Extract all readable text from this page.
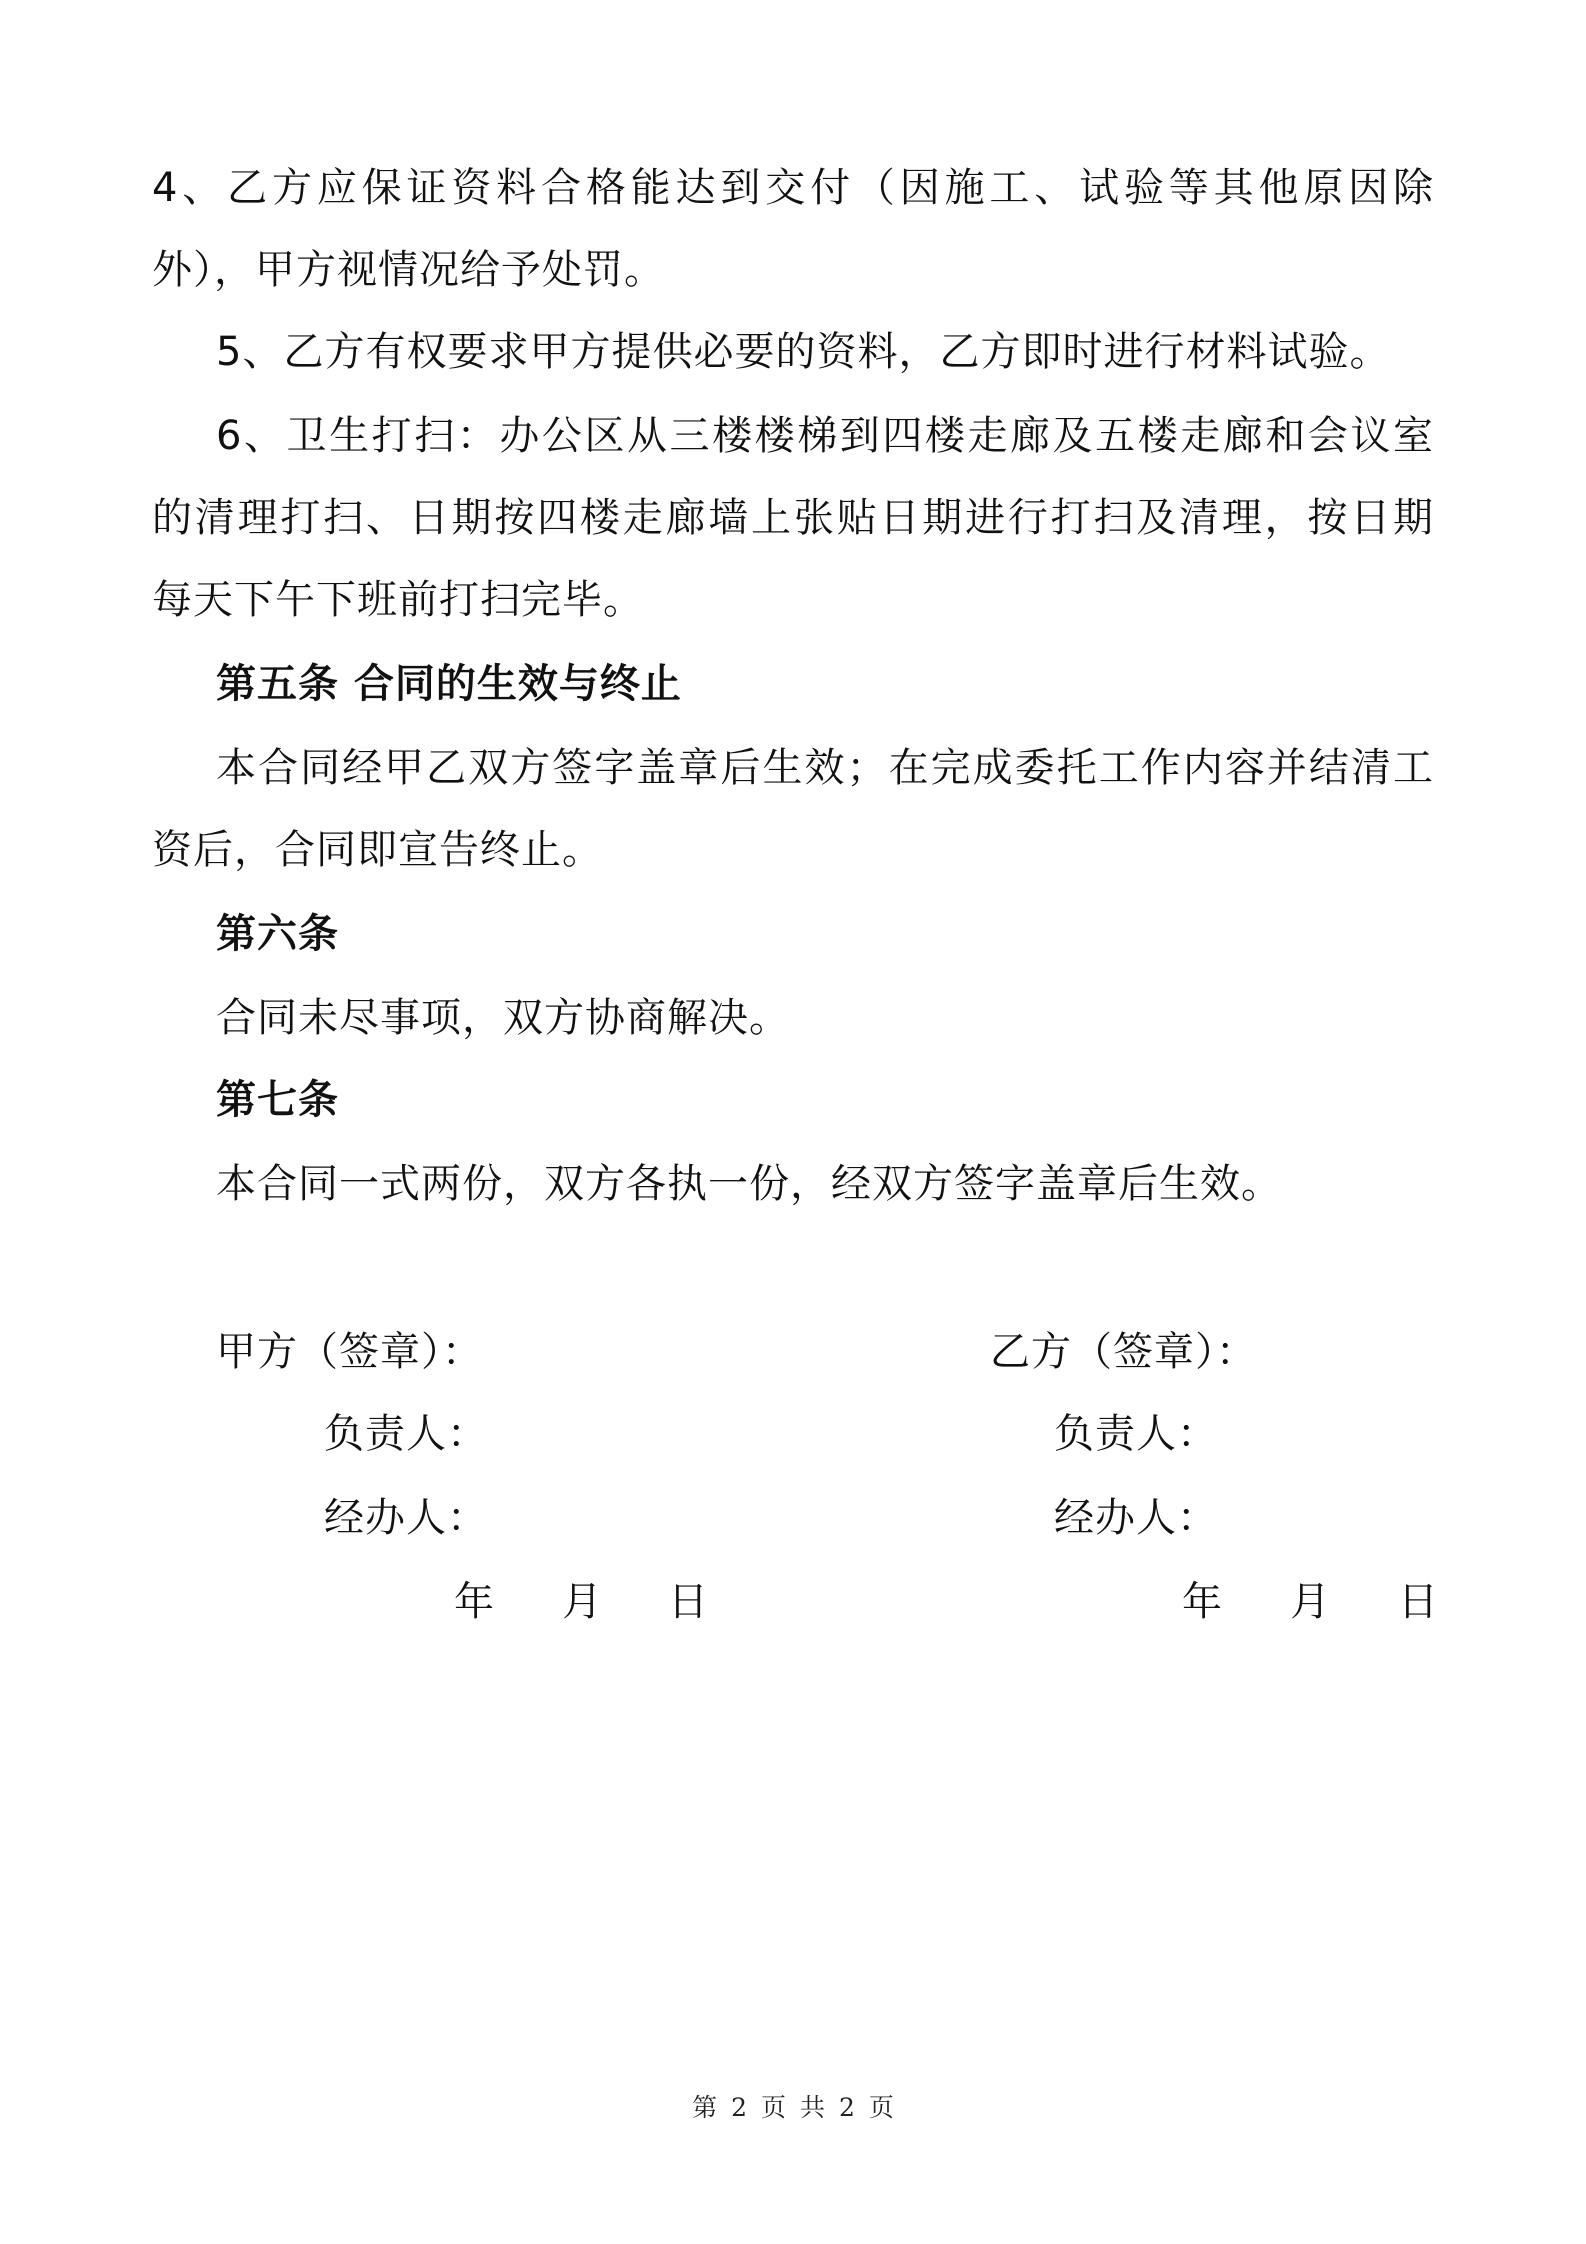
4、乙方应保证资料合格能达到交付（因施工、试验等其他原因除
外），甲方视情况给予处罚。
5、乙方有权要求甲方提供必要的资料，乙方即时进行材料试验。
6、卫生打扫：办公区从三楼楼梯到四楼走廊及五楼走廊和会议室
的清理打扫、日期按四楼走廊墙上张贴日期进行打扫及清理，按日期
每天下午下班前打扫完毕。
第五条 合同的生效与终止
本合同经甲乙双方签字盖章后生效；在完成委托工作内容并结清工
资后，合同即宣告终止。
第六条
合同未尽事项，双方协商解决。
第七条
本合同一式两份，双方各执一份，经双方签字盖章后生效。
甲方（签章）：
负责人：
经办人：
年 月 日
乙方（签章）：
负责人：
经办人：
年 月 日
第 2 页 共 2 页
